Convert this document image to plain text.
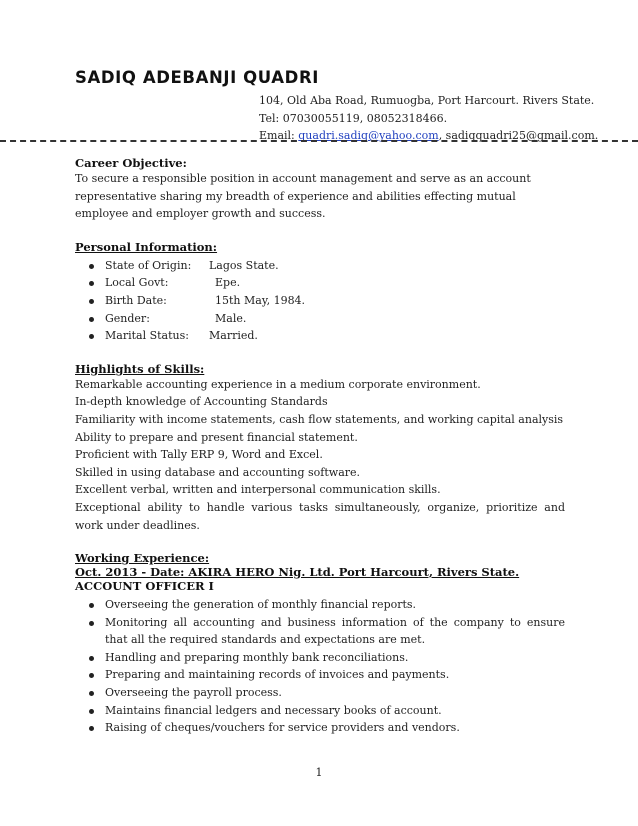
SADIQ ADEBANJI QUADRI
104, Old Aba Road, Rumuogba, Port Harcourt. Rivers State.
Tel: 07030055119, 08052318466.
Email: quadri.sadiq@yahoo.com, sadiqquadri25@gmail.com.

Career Objective:

To secure a responsible position in account management and serve as an account representative sharing my breadth of experience and abilities effecting mutual employee and employer growth and success.

Personal Information:

State of Origin: Lagos State.
Local Govt:	Epe.
Birth Date:	15th May, 1984.
Gender:	Male.
Marital Status: Married.

Highlights of Skills:

Remarkable accounting experience in a medium corporate environment.

In-depth knowledge of Accounting Standards

Familiarity with income statements, cash flow statements, and working capital analysis

Ability to prepare and present financial statement.

Proficient with Tally ERP 9, Word and Excel.

Skilled in using database and accounting software.

Excellent verbal, written and interpersonal communication skills.

Exceptional ability to handle various tasks simultaneously, organize, prioritize and work under deadlines.

Working Experience:

Oct. 2013 - Date: AKIRA HERO Nig. Ltd. Port Harcourt, Rivers State.

ACCOUNT OFFICER I

Overseeing the generation of monthly financial reports.
Monitoring all accounting and business information of the company to ensure that all the required standards and expectations are met.
Handling and preparing monthly bank reconciliations.
Preparing and maintaining records of invoices and payments.
Overseeing the payroll process.
Maintains financial ledgers and necessary books of account.
Raising of cheques/vouchers for service providers and vendors.
1
